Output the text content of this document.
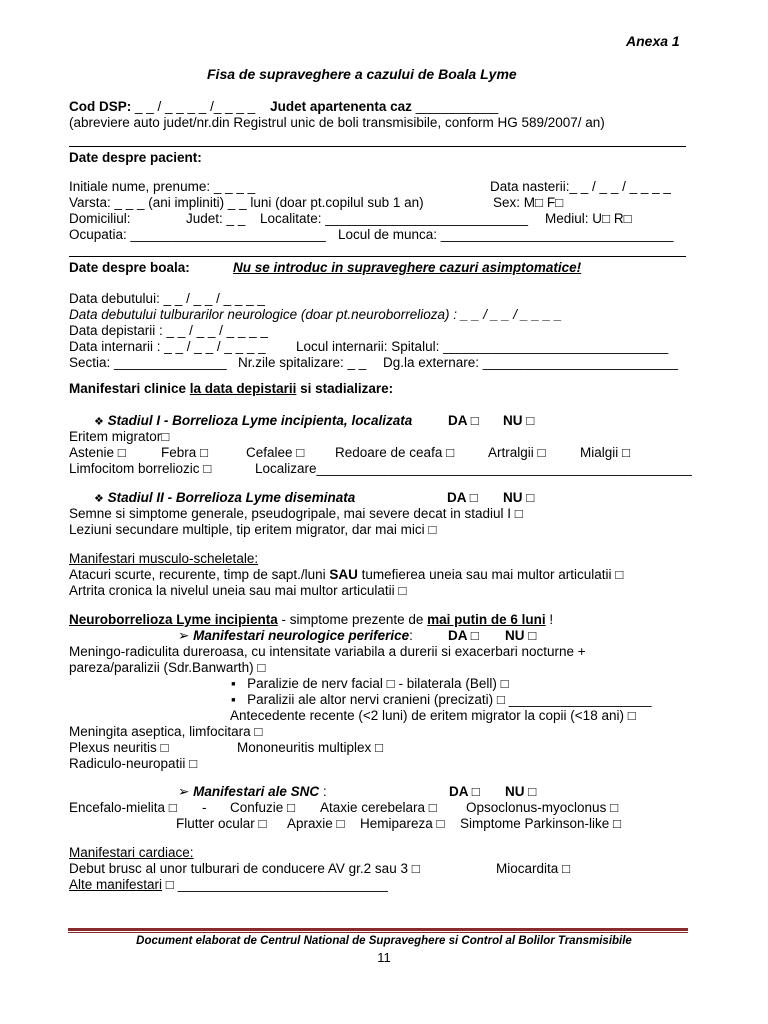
Anexa 1
Fisa de supraveghere a cazului de Boala Lyme
Cod DSP: _ _ / _ _ _ _ /_ _ _ _ Judet apartenenta caz ___________
(abreviere auto judet/nr.din Registrul unic de boli transmisibile, conform HG 589/2007/ an)
Date despre pacient:
Initiale nume, prenume: _ _ _ _	Data nasterii:_ _ / _ _ / _ _ _ _
Varsta: _ _ _ (ani impliniti) _ _ luni (doar pt.copilul sub 1 an)	Sex: M□ F□
Domiciliul:	Judet: _ _ Localitate: ___________________________ Mediul: U□ R□
Ocupatia: __________________________ Locul de munca: _______________________________
Date despre boala:	Nu se introduc in supraveghere cazuri asimptomatice!
Data debutului: _ _ / _ _ / _ _ _ _
Data debutului tulburarilor neurologice (doar pt.neuroborrelioza) : _ _ / _ _ / _ _ _ _
Data depistarii : _ _ / _ _ / _ _ _ _
Data internarii : _ _ / _ _ / _ _ _ _ Locul internarii: Spitalul: ______________________________
Sectia: _______________ Nr.zile spitalizare: _ _ Dg.la externare: __________________________
Manifestari clinice la data depistarii si stadializare:
❖ Stadiul I - Borrelioza Lyme incipienta, localizata	DA □ NU □
Eritem migrator□
Astenie □	Febra □	Cefalee □ Redoare de ceafa □	Artralgii □	Mialgii □
Limfocitom borreliozic □	Localizare__________________________________________________
❖ Stadiul II - Borrelioza Lyme diseminata	DA □ NU □
Semne si simptome generale, pseudogripale, mai severe decat in stadiul I □
Leziuni secundare multiple, tip eritem migrator, dar mai mici □
Manifestari musculo-scheletale:
Atacuri scurte, recurente, timp de sapt./luni SAU tumefierea uneia sau mai multor articulatii □
Artrita cronica la nivelul uneia sau mai multor articulatii □
Neuroborrelioza Lyme incipienta - simptome prezente de mai putin de 6 luni !
➢ Manifestari neurologice periferice:	DA □ NU □
Meningo-radiculita dureroasa, cu intensitate variabila a durerii si exacerbari nocturne +
pareza/paralizii (Sdr.Banwarth) □
▪ Paralizie de nerv facial □ - bilaterala (Bell) □
▪ Paralizii ale altor nervi cranieni (precizati) □ ___________________
Antecedente recente (<2 luni) de eritem migrator la copii (<18 ani) □
Meningita aseptica, limfocitara □
Plexus neuritis □	Mononeuritis multiplex □
Radiculo-neuropatii □
➢ Manifestari ale SNC :	DA □ NU □
Encefalo-mielita □ - Confuzie □ Ataxie cerebelara □ Opsoclonus-myoclonus □
Flutter ocular □ Apraxie □ Hemipareza □ Simptome Parkinson-like □
Manifestari cardiace:
Debut brusc al unor tulburari de conducere AV gr.2 sau 3 □	Miocardita □
Alte manifestari □ ____________________________
Document elaborat de Centrul National de Supraveghere si Control al Bolilor Transmisibile
11
